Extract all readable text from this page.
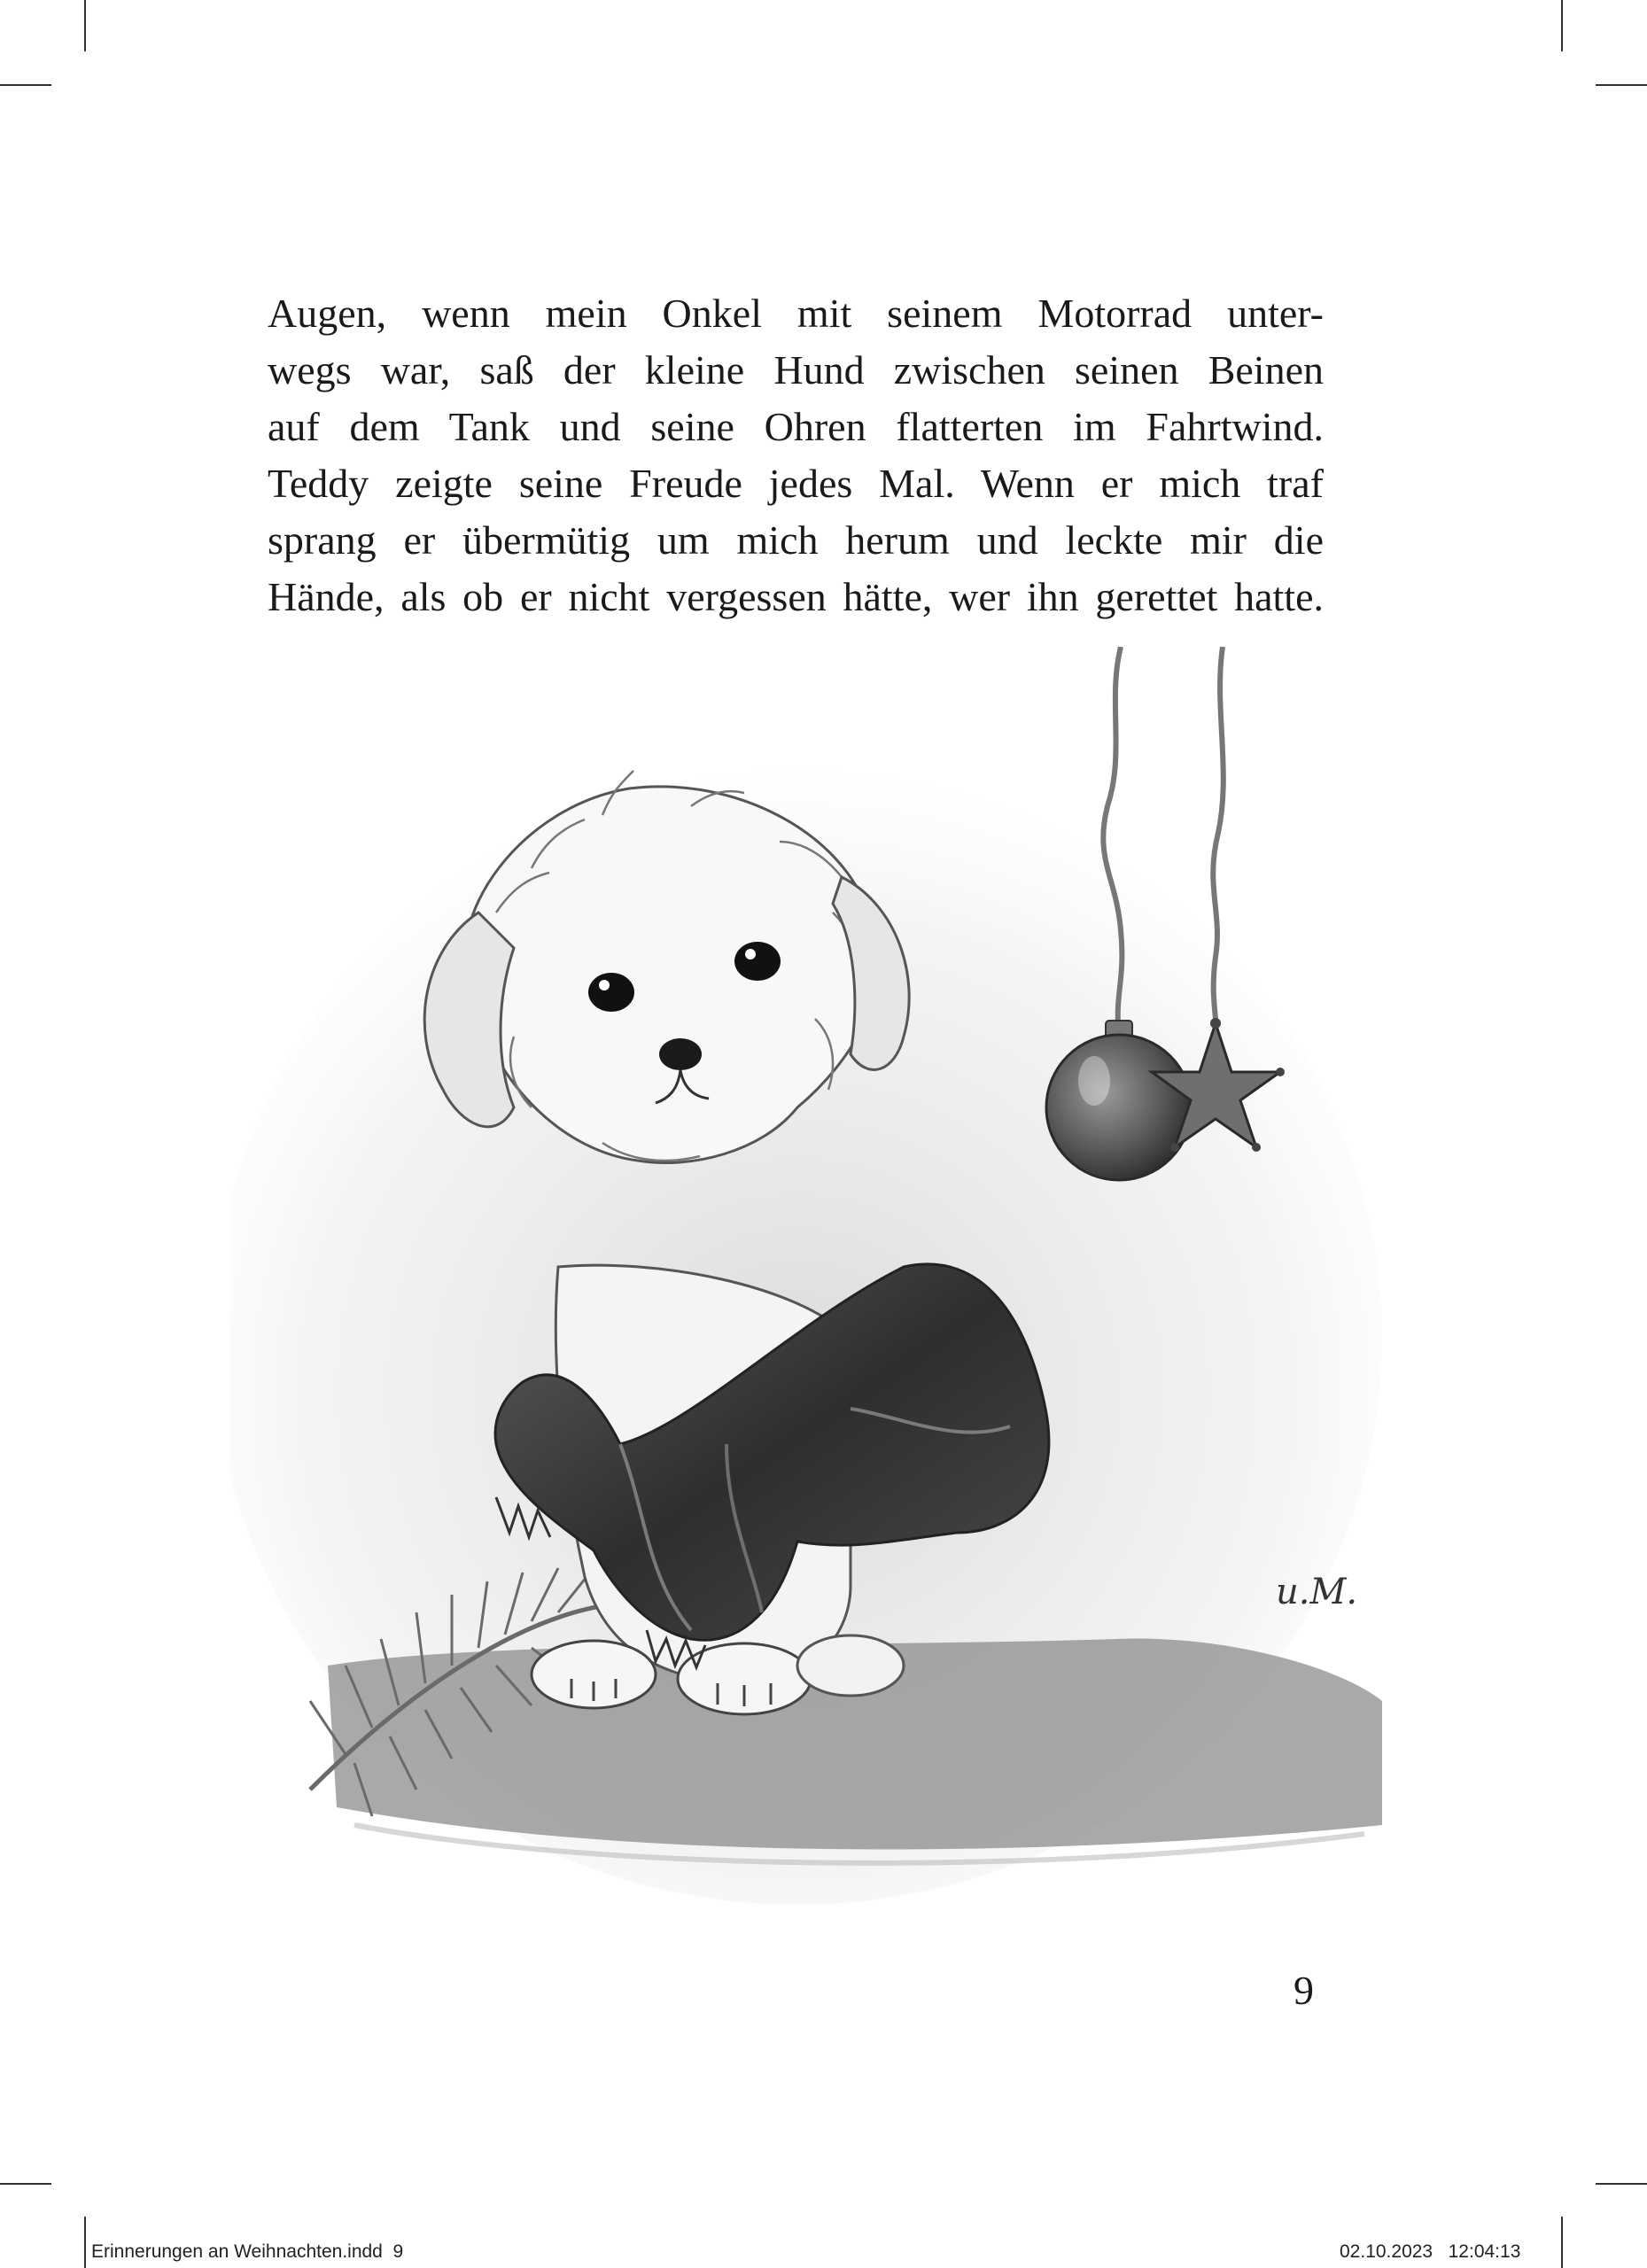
Augen, wenn mein Onkel mit seinem Motorrad unter-
wegs war, saß der kleine Hund zwischen seinen Beinen
auf dem Tank und seine Ohren flatterten im Fahrtwind.
Teddy zeigte seine Freude jedes Mal. Wenn er mich traf
sprang er übermütig um mich herum und leckte mir die
Hände, als ob er nicht vergessen hätte, wer ihn gerettet hatte.

u.M.
9
Erinnerungen an Weihnachten.indd 9	02.10.2023 12:04:13
